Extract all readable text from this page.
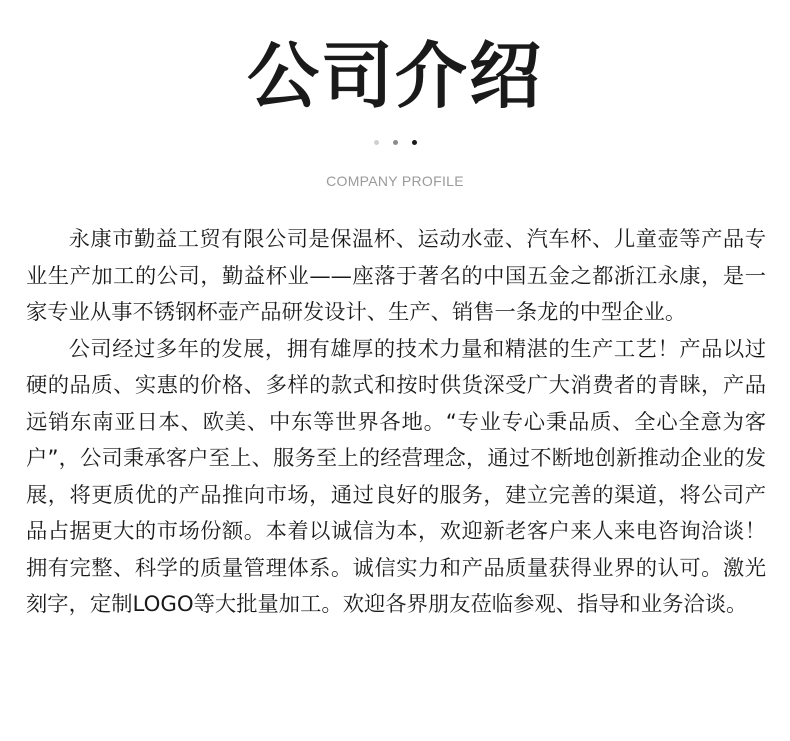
公司介绍
COMPANY PROFILE

永康市勤益工贸有限公司是保温杯、运动水壶、汽车杯、儿童壶等产品专业生产加工的公司，勤益杯业——座落于著名的中国五金之都浙江永康，是一家专业从事不锈钢杯壶产品研发设计、生产、销售一条龙的中型企业。

公司经过多年的发展，拥有雄厚的技术力量和精湛的生产工艺！产品以过硬的品质、实惠的价格、多样的款式和按时供货深受广大消费者的青睐，产品远销东南亚日本、欧美、中东等世界各地。“专业专心秉品质、全心全意为客户”，公司秉承客户至上、服务至上的经营理念，通过不断地创新推动企业的发展，将更质优的产品推向市场，通过良好的服务，建立完善的渠道，将公司产品占据更大的市场份额。本着以诚信为本，欢迎新老客户来人来电咨询洽谈！拥有完整、科学的质量管理体系。诚信实力和产品质量获得业界的认可。激光刻字，定制LOGO等大批量加工。欢迎各界朋友莅临参观、指导和业务洽谈。
